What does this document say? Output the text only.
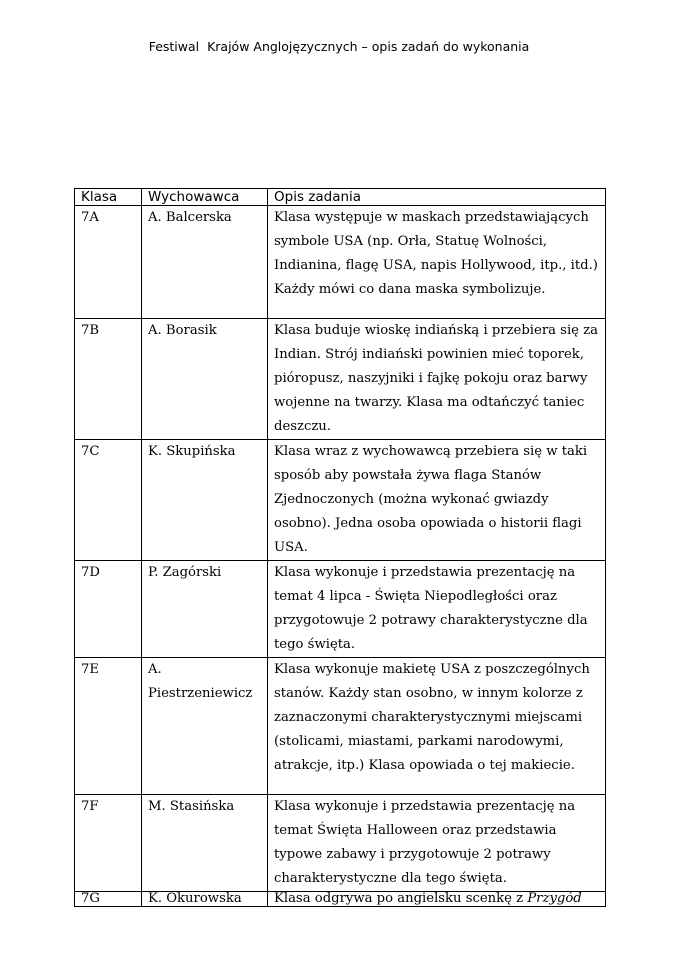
Festiwal  Krajów Anglojęzycznych – opis zadań do wykonania
Klasa	Wychowawca	Opis zadania
7A	A. Balcerska	Klasa występuje w maskach przedstawiających symbole USA (np. Orła, Statuę Wolności, Indianina, flagę USA, napis Hollywood, itp., itd.) Każdy mówi co dana maska symbolizuje.
7B	A. Borasik	Klasa buduje wioskę indiańską i przebiera się za Indian. Strój indiański powinien mieć toporek, pióropusz, naszyjniki i fajkę pokoju oraz barwy wojenne na twarzy. Klasa ma odtańczyć taniec deszczu.
7C	K. Skupińska	Klasa wraz z wychowawcą przebiera się w taki sposób aby powstała żywa flaga Stanów Zjednoczonych (można wykonać gwiazdy osobno). Jedna osoba opowiada o historii flagi USA.
7D	P. Zagórski	Klasa wykonuje i przedstawia prezentację na temat 4 lipca - Święta Niepodległości oraz przygotowuje 2 potrawy charakterystyczne dla tego święta.
7E	A. Piestrzeniewicz	Klasa wykonuje makietę USA z poszczególnych stanów. Każdy stan osobno, w innym kolorze z zaznaczonymi charakterystycznymi miejscami (stolicami, miastami, parkami narodowymi, atrakcje, itp.) Klasa opowiada o tej makiecie.
7F	M. Stasińska	Klasa wykonuje i przedstawia prezentację na temat Święta Halloween oraz przedstawia typowe zabawy i przygotowuje 2 potrawy charakterystyczne dla tego święta.

7G	K. Okurowska	Klasa odgrywa po angielsku scenkę z Przygód
